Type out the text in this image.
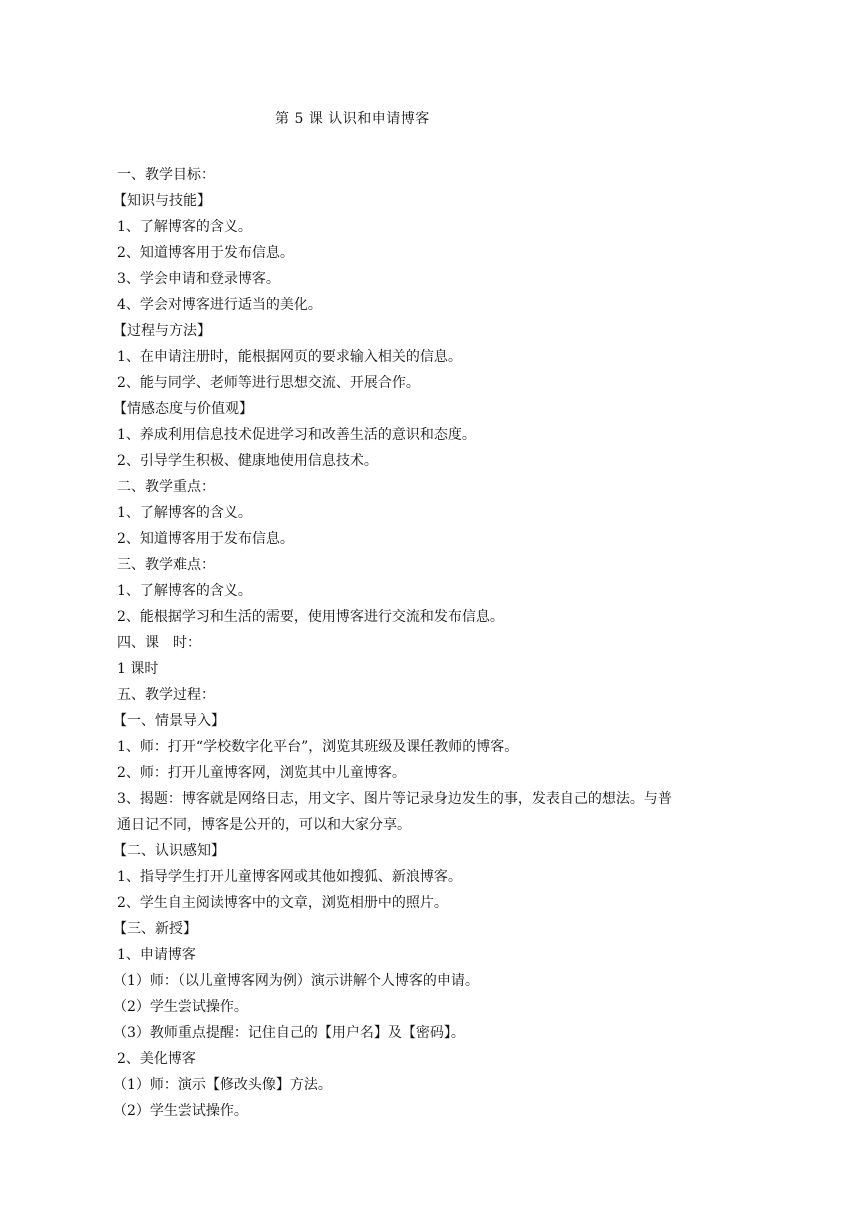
第 5 课 认识和申请博客
一、教学目标：
【知识与技能】
1、了解博客的含义。
2、知道博客用于发布信息。
3、学会申请和登录博客。
4、学会对博客进行适当的美化。
【过程与方法】
1、在申请注册时，能根据网页的要求输入相关的信息。
2、能与同学、老师等进行思想交流、开展合作。
【情感态度与价值观】
1、养成利用信息技术促进学习和改善生活的意识和态度。
2、引导学生积极、健康地使用信息技术。
二、教学重点：
1、了解博客的含义。
2、知道博客用于发布信息。
三、教学难点：
1、了解博客的含义。
2、能根据学习和生活的需要，使用博客进行交流和发布信息。
四、课　时：
1 课时
五、教学过程：
【一、情景导入】
1、师：打开“学校数字化平台”，浏览其班级及课任教师的博客。
2、师：打开儿童博客网，浏览其中儿童博客。
3、揭题：博客就是网络日志，用文字、图片等记录身边发生的事，发表自己的想法。与普
通日记不同，博客是公开的，可以和大家分享。
【二、认识感知】
1、指导学生打开儿童博客网或其他如搜狐、新浪博客。
2、学生自主阅读博客中的文章，浏览相册中的照片。
【三、新授】
1、申请博客
（1）师：（以儿童博客网为例）演示讲解个人博客的申请。
（2）学生尝试操作。
（3）教师重点提醒：记住自己的【用户名】及【密码】。
2、美化博客
（1）师：演示【修改头像】方法。
（2）学生尝试操作。
